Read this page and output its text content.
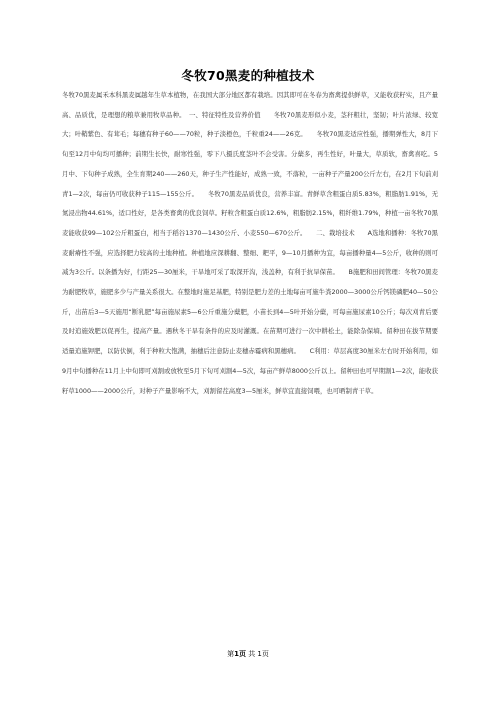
冬牧70黑麦的种植技术

冬牧70黑麦属禾本科黑麦属越年生草本植物，在我国大部分地区都有栽培。因其即可在冬春为畜禽提供鲜草，又能收获籽实，且产量高、品质优，是理想的粮草兼用牧草品种。　一、特征特性及营养价值　　冬牧70黑麦形似小麦，茎秆粗壮，坚韧；叶片浓绿、较宽大；叶鞘紫色、有茸毛；每穗有种子60——70粒，种子淡橙色，千粒重24——26克。　　冬牧70黑麦适应性强，播期弹性大，8月下旬至12月中旬均可播种；前期生长快，耐寒性强，零下八摄氏度茎叶不会受害。分蘖多，再生性好，叶量大，草质软，畜禽喜吃。5月中、下旬种子成熟，全生育期240——260天，种子生产性能好，成熟一致，不落粒，一亩种子产量200公斤左右，在2月下旬前刈青1—2次，每亩仍可收获种子115—155公斤。　　冬牧70黑麦品质优良，营养丰富。青鲜草含粗蛋白质5.83%，粗脂肪1.91%，无氮浸出物44.61%，适口性好，是各类畜禽的优良饲草。籽粒含粗蛋白质12.6%，粗脂肪2.15%，粗纤维1.79%，种植一亩冬牧70黑麦能收获99—102公斤粗蛋白，相当于稻谷1370—1430公斤、小麦550—670公斤。　　二、栽培技术　　A选地和播种：冬牧70黑麦耐瘠性不强，应选择肥力较高的土地种植。种植地应深耕翻、整细、耙平，9—10月播种为宜，每亩播种量4—5公斤，收种的则可减为3公斤。以条播为好，行距25—30厘米，干旱地可采了取深开沟，浅盖种，有利于抗旱保苗。　　B施肥和田间管理：冬牧70黑麦为耐肥牧草，施肥多少与产量关系很大。在整地时施足基肥，特别是肥力差的土地每亩可施牛粪2000—3000公斤钙镁磷肥40—50公斤，出苗后3—5天施用“断乳肥”每亩施尿素5—6公斤重施分蘖肥，小苗长到4—5叶开始分蘖，可每亩施尿素10公斤；每次刈青后要及时追施效肥以促再生，提高产量。遇秋冬干旱有条件的应及时灌溉。在苗期可进行一次中耕松土，能除杂保墒。留种田在拔节期要适量追施钾肥，以防伏倒，利于种粒大饱满，抽穗后注意防止麦穗赤霉病和黑穗病。　　C利用：草层高度30厘米左右时开始利用，如9月中旬播种在11月上中旬即可刈割或放牧至5月下旬可刈割4—5次，每亩产鲜草8000公斤以上。留种田也可早期割1—2次，能收获籽草1000——2000公斤，对种子产量影响不大，刈割留茬高度3—5厘米，鲜草宜直接饲喂，也可晒制青干草。

第1页 共 1页
